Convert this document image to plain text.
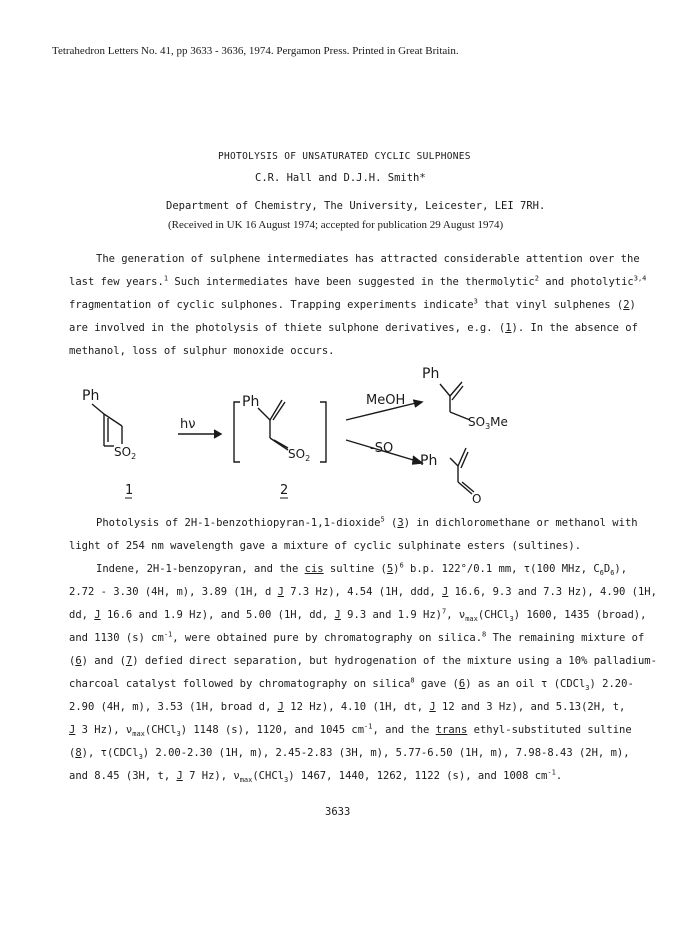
Tetrahedron Letters No. 41, pp 3633 - 3636, 1974. Pergamon Press. Printed in Great Britain.
PHOTOLYSIS OF UNSATURATED CYCLIC SULPHONES
C.R. Hall and D.J.H. Smith*
Department of Chemistry, The University, Leicester, LEI 7RH.
(Received in UK 16 August 1974; accepted for publication 29 August 1974)
The generation of sulphene intermediates has attracted considerable attention over the
last few years.$^1$ Such intermediates have been suggested in the thermolytic$^2$ and photolytic$^{3,4}$
fragmentation of cyclic sulphones. Trapping experiments indicate$^3$ that vinyl sulphenes (2)
are involved in the photolysis of thiete sulphone derivatives, e.g. (1). In the absence of
methanol, loss of sulphur monoxide occurs.
Ph
$SO_2$
hν
Ph
$SO_2$
MeOH
-SO
Ph
$SO_3Me$
Ph
O
1	2
Photolysis of 2H-1-benzothiopyran-1,1-dioxide$^5$ (3) in dichloromethane or methanol with
light of 254 nm wavelength gave a mixture of cyclic sulphinate esters (sultines).
Indene, 2H-1-benzopyran, and the cis sultine $(5)^6$ b.p. 122°/0.1 mm, τ(100 MHz, $C_6D_6$),
2.72 - 3.30 (4H, m), 3.89 (1H, d J 7.3 Hz), 4.54 (1H, ddd, J 16.6, 9.3 and 7.3 Hz), 4.90 (1H,
dd, J 16.6 and 1.9 Hz), and 5.00 (1H, dd, J 9.3 and 1.9 Hz)$^7$, $\nu_{max}(CHCl_3)$ 1600, 1435 (broad),
and 1130 (s) $cm^{-1}$, were obtained pure by chromatography on silica.$^8$ The remaining mixture of
(6) and (7) defied direct separation, but hydrogenation of the mixture using a 10% palladium-
charcoal catalyst followed by chromatography on silica$^8$ gave (6) as an oil τ (CDCl$_3$) 2.20-
2.90 (4H, m), 3.53 (1H, broad d, J 12 Hz), 4.10 (1H, dt, J 12 and 3 Hz), and 5.13(2H, t,
J 3 Hz), $\nu_{max}(CHCl_3)$ 1148 (s), 1120, and 1045 $cm^{-1}$, and the trans ethyl-substituted sultine
(8), τ(CDCl$_3$) 2.00-2.30 (1H, m), 2.45-2.83 (3H, m), 5.77-6.50 (1H, m), 7.98-8.43 (2H, m),
and 8.45 (3H, t, J 7 Hz), $\nu_{max}(CHCl_3)$ 1467, 1440, 1262, 1122 (s), and 1008 $cm^{-1}$.
3633
